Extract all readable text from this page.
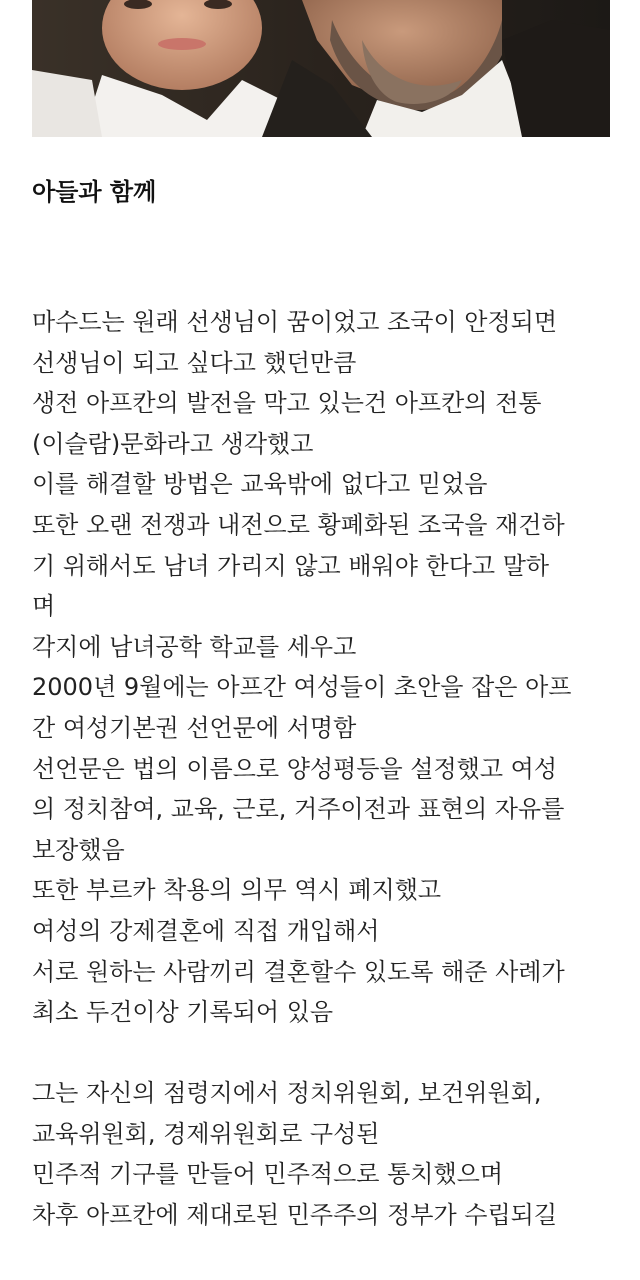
아들과 함께

마수드는 원래 선생님이 꿈이었고 조국이 안정되면
선생님이 되고 싶다고 했던만큼
생전 아프칸의 발전을 막고 있는건 아프칸의 전통
(이슬람)문화라고 생각했고
이를 해결할 방법은 교육밖에 없다고 믿었음
또한 오랜 전쟁과 내전으로 황폐화된 조국을 재건하
기 위해서도 남녀 가리지 않고 배워야 한다고 말하
며
각지에 남녀공학 학교를 세우고
2000년 9월에는 아프간 여성들이 초안을 잡은 아프
간 여성기본권 선언문에 서명함
선언문은 법의 이름으로 양성평등을 설정했고 여성
의 정치참여, 교육, 근로, 거주이전과 표현의 자유를
보장했음
또한 부르카 착용의 의무 역시 폐지했고
여성의 강제결혼에 직접 개입해서
서로 원하는 사람끼리 결혼할수 있도록 해준 사례가
최소 두건이상 기록되어 있음

그는 자신의 점령지에서 정치위원회, 보건위원회,
교육위원회, 경제위원회로 구성된
민주적 기구를 만들어 민주적으로 통치했으며
차후 아프칸에 제대로된 민주주의 정부가 수립되길
